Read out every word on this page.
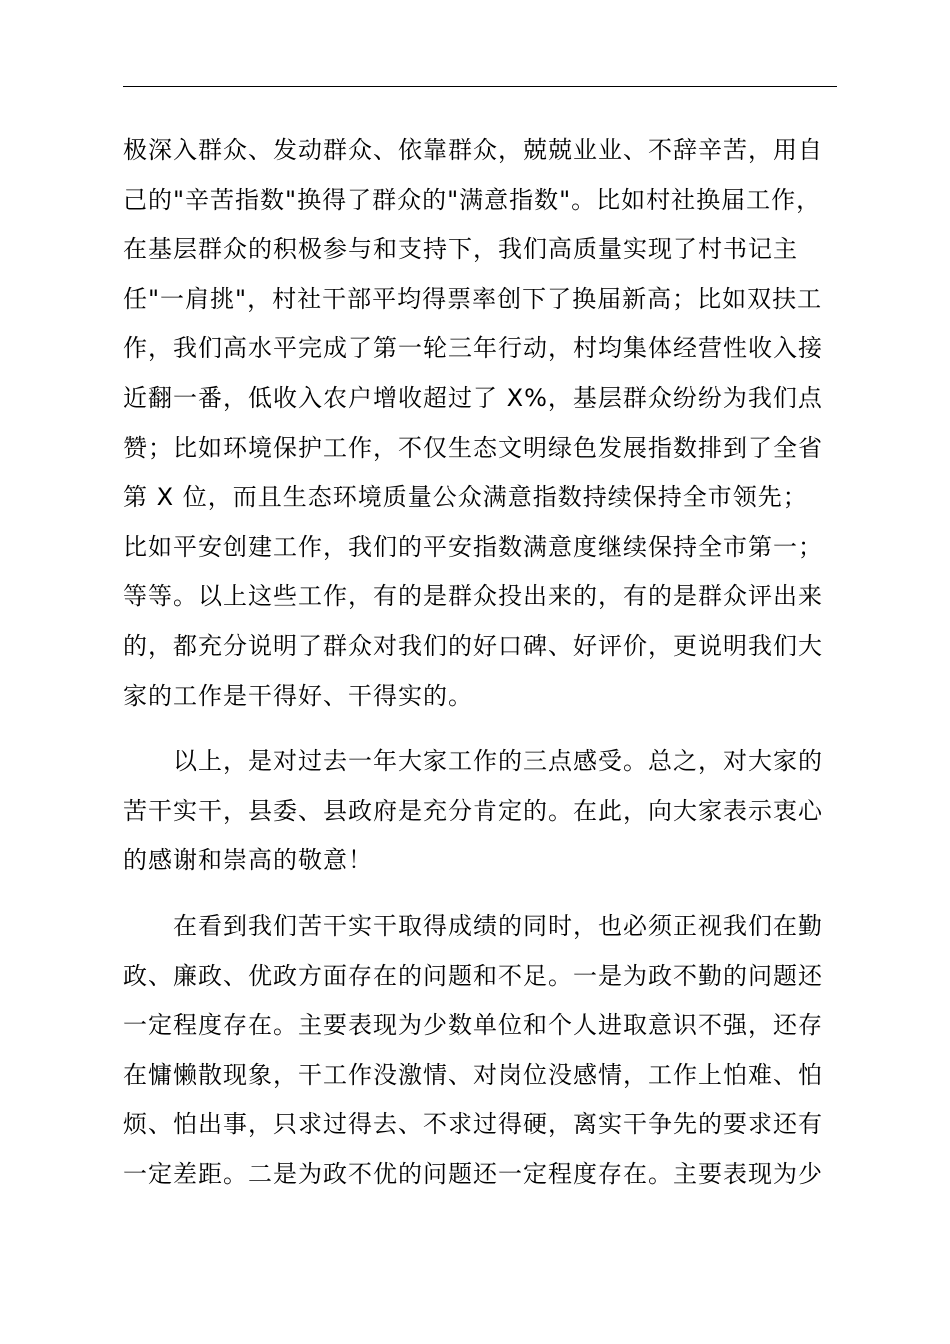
极深入群众、发动群众、依靠群众，兢兢业业、不辞辛苦，用自
己的"辛苦指数"换得了群众的"满意指数"。比如村社换届工作，
在基层群众的积极参与和支持下，我们高质量实现了村书记主
任"一肩挑"，村社干部平均得票率创下了换届新高；比如双扶工
作，我们高水平完成了第一轮三年行动，村均集体经营性收入接
近翻一番，低收入农户增收超过了 X%，基层群众纷纷为我们点
赞；比如环境保护工作，不仅生态文明绿色发展指数排到了全省
第 X 位，而且生态环境质量公众满意指数持续保持全市领先；
比如平安创建工作，我们的平安指数满意度继续保持全市第一；
等等。以上这些工作，有的是群众投出来的，有的是群众评出来
的，都充分说明了群众对我们的好口碑、好评价，更说明我们大
家的工作是干得好、干得实的。

以上，是对过去一年大家工作的三点感受。总之，对大家的
苦干实干，县委、县政府是充分肯定的。在此，向大家表示衷心
的感谢和崇高的敬意！

在看到我们苦干实干取得成绩的同时，也必须正视我们在勤
政、廉政、优政方面存在的问题和不足。一是为政不勤的问题还
一定程度存在。主要表现为少数单位和个人进取意识不强，还存
在慵懒散现象，干工作没激情、对岗位没感情，工作上怕难、怕
烦、怕出事，只求过得去、不求过得硬，离实干争先的要求还有
一定差距。二是为政不优的问题还一定程度存在。主要表现为少
